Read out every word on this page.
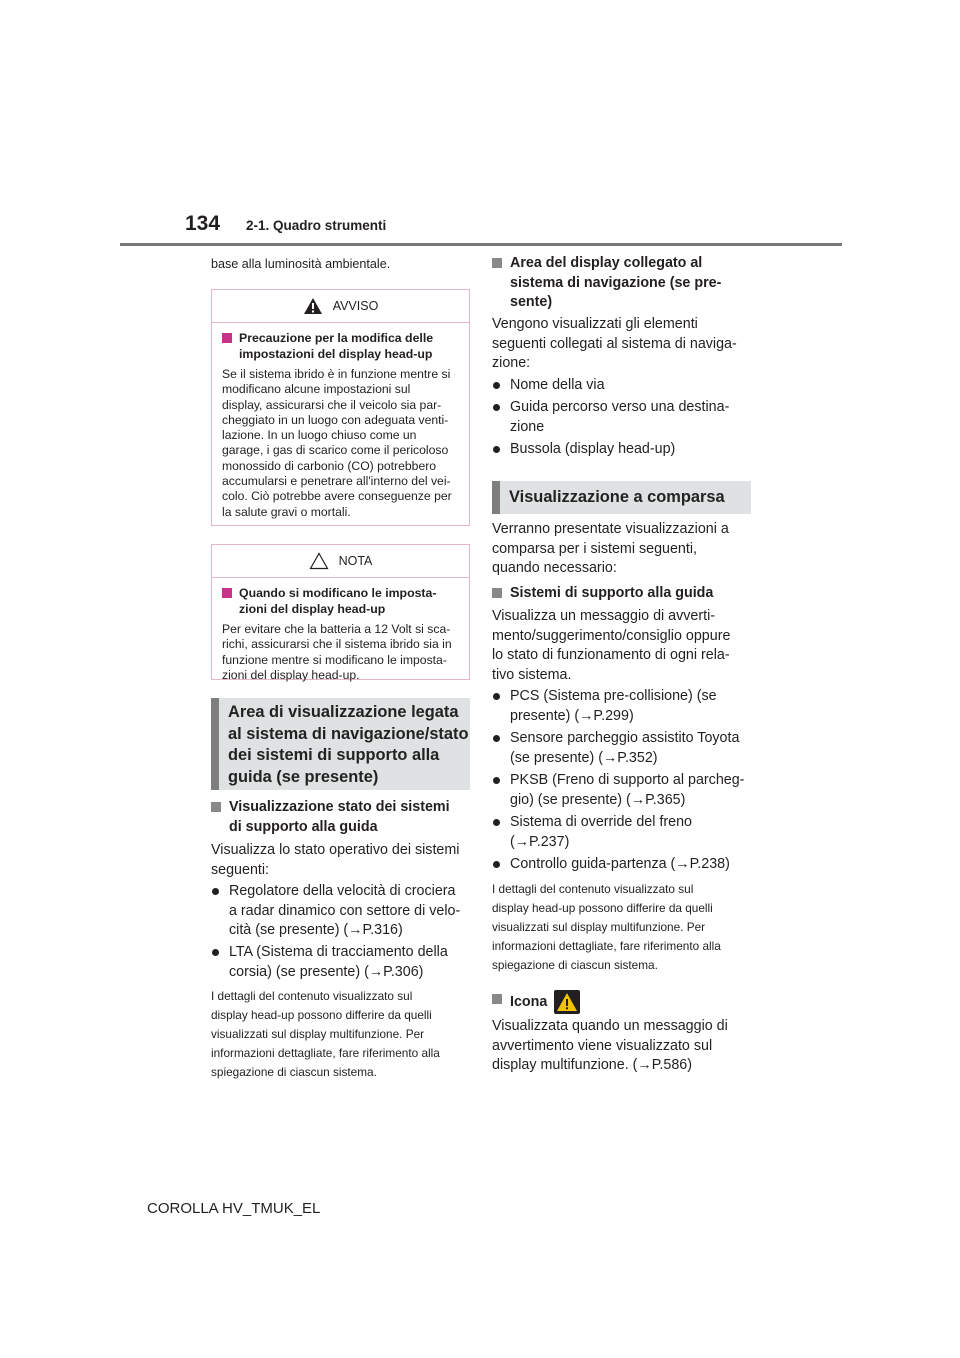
134 2-1. Quadro strumenti
base alla luminosità ambientale.
AVVISO
Precauzione per la modifica delle
impostazioni del display head-up
Se il sistema ibrido è in funzione mentre si
modificano alcune impostazioni sul
display, assicurarsi che il veicolo sia par-
cheggiato in un luogo con adeguata venti-
lazione. In un luogo chiuso come un
garage, i gas di scarico come il pericoloso
monossido di carbonio (CO) potrebbero
accumularsi e penetrare all'interno del vei-
colo. Ciò potrebbe avere conseguenze per
la salute gravi o mortali.
NOTA
Quando si modificano le imposta-
zioni del display head-up
Per evitare che la batteria a 12 Volt si sca-
richi, assicurarsi che il sistema ibrido sia in
funzione mentre si modificano le imposta-
zioni del display head-up.
Area di visualizzazione legata
al sistema di navigazione/stato
dei sistemi di supporto alla
guida (se presente)
Visualizzazione stato dei sistemi
di supporto alla guida
Visualizza lo stato operativo dei sistemi
seguenti:
Regolatore della velocità di crociera
a radar dinamico con settore di velo-
cità (se presente) (→P.316)
LTA (Sistema di tracciamento della
corsia) (se presente) (→P.306)
I dettagli del contenuto visualizzato sul
display head-up possono differire da quelli
visualizzati sul display multifunzione. Per
informazioni dettagliate, fare riferimento alla
spiegazione di ciascun sistema.
Area del display collegato al
sistema di navigazione (se pre-
sente)
Vengono visualizzati gli elementi
seguenti collegati al sistema di naviga-
zione:
Nome della via
Guida percorso verso una destina-
zione
Bussola (display head-up)
Visualizzazione a comparsa
Verranno presentate visualizzazioni a
comparsa per i sistemi seguenti,
quando necessario:
Sistemi di supporto alla guida
Visualizza un messaggio di avverti-
mento/suggerimento/consiglio oppure
lo stato di funzionamento di ogni rela-
tivo sistema.
PCS (Sistema pre-collisione) (se
presente) (→P.299)
Sensore parcheggio assistito Toyota
(se presente) (→P.352)
PKSB (Freno di supporto al parcheg-
gio) (se presente) (→P.365)
Sistema di override del freno
(→P.237)
Controllo guida-partenza (→P.238)
I dettagli del contenuto visualizzato sul
display head-up possono differire da quelli
visualizzati sul display multifunzione. Per
informazioni dettagliate, fare riferimento alla
spiegazione di ciascun sistema.
Icona
Visualizzata quando un messaggio di
avvertimento viene visualizzato sul
display multifunzione. (→P.586)
COROLLA HV_TMUK_EL
